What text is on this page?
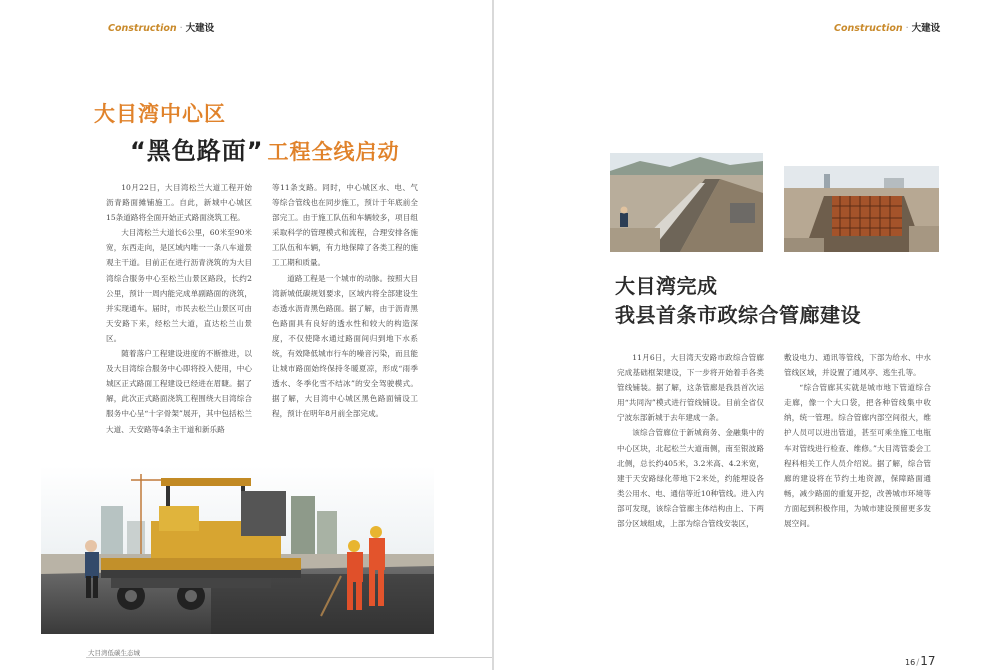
Construction · 大建设
大目湾中心区
“黑色路面” 工程全线启动

10月22日，大目湾松兰大道工程开始沥青路面摊铺施工。自此，新城中心城区15条道路将全面开始正式路面浇筑工程。

大目湾松兰大道长6公里，60米至90米宽，东西走向，是区域内唯一一条八车道景观主干道。目前正在进行沥青浇筑的为大目湾综合服务中心至松兰山景区路段，长约2公里，预计一周内能完成单副路面的浇筑，并实现通车。届时，市民去松兰山景区可由天安路下来，经松兰大道，直达松兰山景区。

随着落户工程建设进度的不断推进，以及大目湾综合服务中心即将投入使用，中心城区正式路面工程建设已经进在眉睫。据了解，此次正式路面浇筑工程围绕大目湾综合服务中心呈“十字骨架”展开，其中包括松兰大道、天安路等4条主干道和新乐路

等11条支路。同时，中心城区水、电、气等综合管线也在同步施工，预计于年底前全部完工。由于施工队伍和车辆较多，项目组采取科学的管理模式和流程，合理安排各施工队伍和车辆，有力地保障了各类工程的施工工期和质量。

道路工程是一个城市的动脉。按照大目湾新城低碳规划要求，区域内将全部建设生态透水沥青黑色路面。据了解，由于沥青黑色路面具有良好的透水性和较大的构造深度，不仅使降水通过路面间归到地下水系统，有效降低城市行车的噪音污染，而且能让城市路面始终保持冬暖夏凉，形成“雨季透水、冬季化雪不结冰”的安全驾驶模式。据了解，大目湾中心城区黑色路面铺设工程，预计在明年8月前全部完成。

大目湾低碳生态城
Construction · 大建设
大目湾完成
我县首条市政综合管廊建设

11月6日，大目湾天安路市政综合管廊完成基础框架建设，下一步将开始着手各类管线铺装。据了解，这条管廊是我县首次运用“共同沟”模式进行管线铺设。目前全省仅宁波东部新城于去年建成一条。

该综合管廊位于新城商务、金融集中的中心区块，北起松兰大道南侧，南至银波路北侧，总长约405米，3.2米高、4.2米宽，建于天安路绿化带地下2米处，约能埋设各类公用水、电、通信等近10种管线。进入内部可发现，该综合管廊主体结构由上、下两部分区域组成，上部为综合管线安装区，

敷设电力、通讯等管线，下部为给水、中水管线区域，并设置了通风亭、逃生孔等。

“综合管廊其实就是城市地下管道综合走廊，像一个大口袋，把各种管线集中收纳，统一管理。综合管廊内部空间很大，维护人员可以进出管道，甚至可乘坐施工电瓶车对管线进行检查、维修。”大目湾管委会工程科相关工作人员介绍说。据了解，综合管廊的建设将在节约土地资源，保障路面通畅，减少路面的重复开挖，改善城市环境等方面起到积极作用，为城市建设预留更多发展空间。

16/17
